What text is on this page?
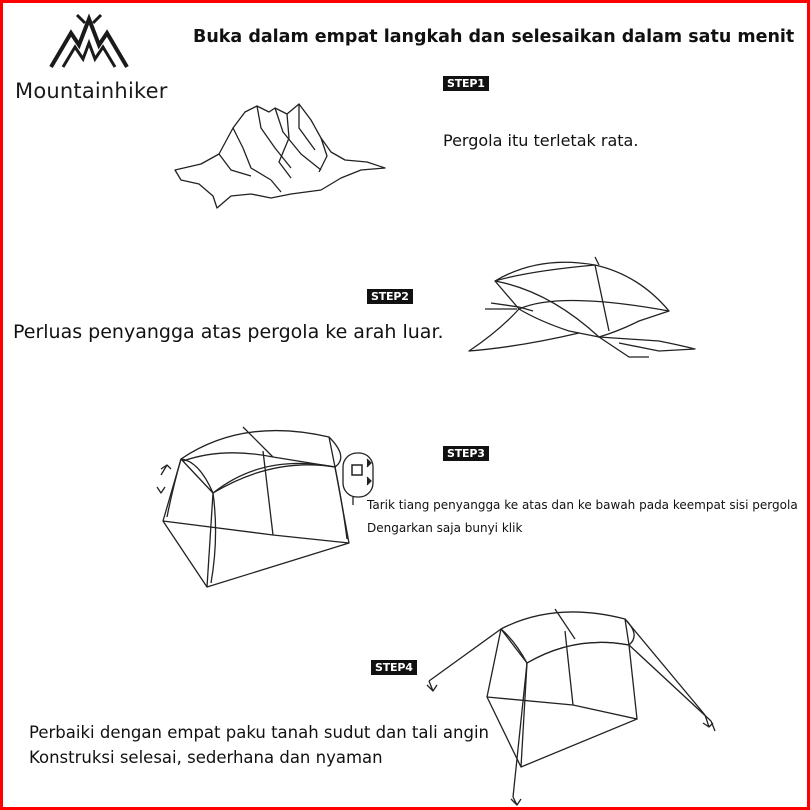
Mountainhiker
Buka dalam empat langkah dan selesaikan dalam satu menit
STEP1
Pergola itu terletak rata.
STEP2
Perluas penyangga atas pergola ke arah luar.
STEP3
Tarik tiang penyangga ke atas dan ke bawah pada keempat sisi pergola
Dengarkan saja bunyi klik
STEP4
Perbaiki dengan empat paku tanah sudut dan tali angin
Konstruksi selesai, sederhana dan nyaman
